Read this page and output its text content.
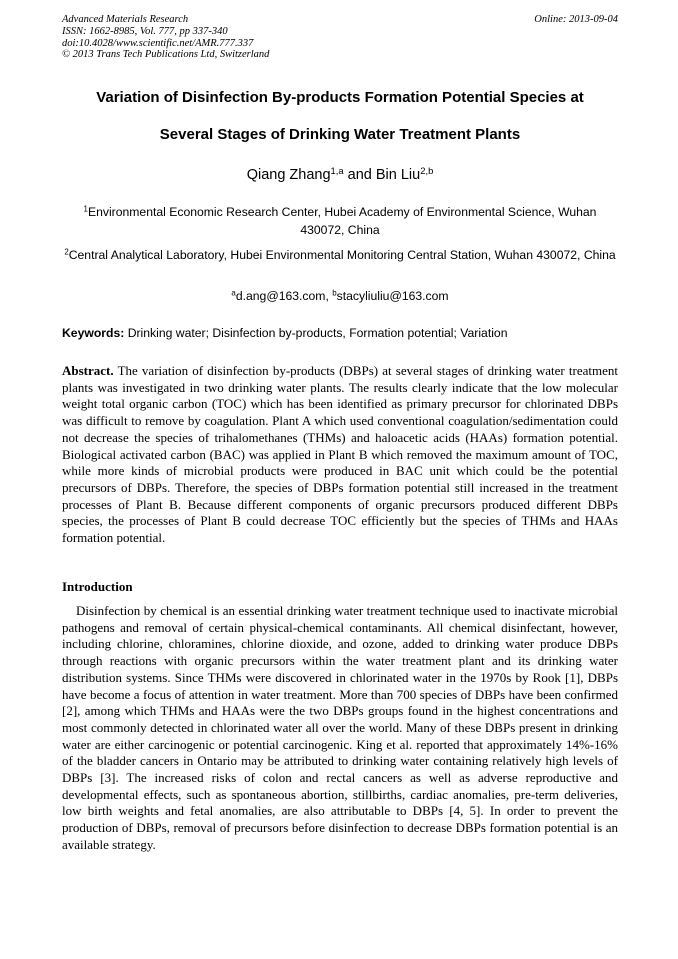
Advanced Materials Research
ISSN: 1662-8985, Vol. 777, pp 337-340
doi:10.4028/www.scientific.net/AMR.777.337
© 2013 Trans Tech Publications Ltd, Switzerland
Online: 2013-09-04
Variation of Disinfection By-products Formation Potential Species at
Several Stages of Drinking Water Treatment Plants
Qiang Zhang$^{1,a}$ and Bin Liu$^{2,b}$
$^1$Environmental Economic Research Center, Hubei Academy of Environmental Science, Wuhan 430072, China
$^2$Central Analytical Laboratory, Hubei Environmental Monitoring Central Station, Wuhan 430072, China
$^a$d.ang@163.com, $^b$stacyliuliu@163.com
Keywords: Drinking water; Disinfection by-products, Formation potential; Variation
Abstract. The variation of disinfection by-products (DBPs) at several stages of drinking water treatment plants was investigated in two drinking water plants. The results clearly indicate that the low molecular weight total organic carbon (TOC) which has been identified as primary precursor for chlorinated DBPs was difficult to remove by coagulation. Plant A which used conventional coagulation/sedimentation could not decrease the species of trihalomethanes (THMs) and haloacetic acids (HAAs) formation potential. Biological activated carbon (BAC) was applied in Plant B which removed the maximum amount of TOC, while more kinds of microbial products were produced in BAC unit which could be the potential precursors of DBPs. Therefore, the species of DBPs formation potential still increased in the treatment processes of Plant B. Because different components of organic precursors produced different DBPs species, the processes of Plant B could decrease TOC efficiently but the species of THMs and HAAs formation potential.
Introduction
Disinfection by chemical is an essential drinking water treatment technique used to inactivate microbial pathogens and removal of certain physical-chemical contaminants. All chemical disinfectant, however, including chlorine, chloramines, chlorine dioxide, and ozone, added to drinking water produce DBPs through reactions with organic precursors within the water treatment plant and its drinking water distribution systems. Since THMs were discovered in chlorinated water in the 1970s by Rook [1], DBPs have become a focus of attention in water treatment. More than 700 species of DBPs have been confirmed [2], among which THMs and HAAs were the two DBPs groups found in the highest concentrations and most commonly detected in chlorinated water all over the world. Many of these DBPs present in drinking water are either carcinogenic or potential carcinogenic. King et al. reported that approximately 14%-16% of the bladder cancers in Ontario may be attributed to drinking water containing relatively high levels of DBPs [3]. The increased risks of colon and rectal cancers as well as adverse reproductive and developmental effects, such as spontaneous abortion, stillbirths, cardiac anomalies, pre-term deliveries, low birth weights and fetal anomalies, are also attributable to DBPs [4, 5]. In order to prevent the production of DBPs, removal of precursors before disinfection to decrease DBPs formation potential is an available strategy.
